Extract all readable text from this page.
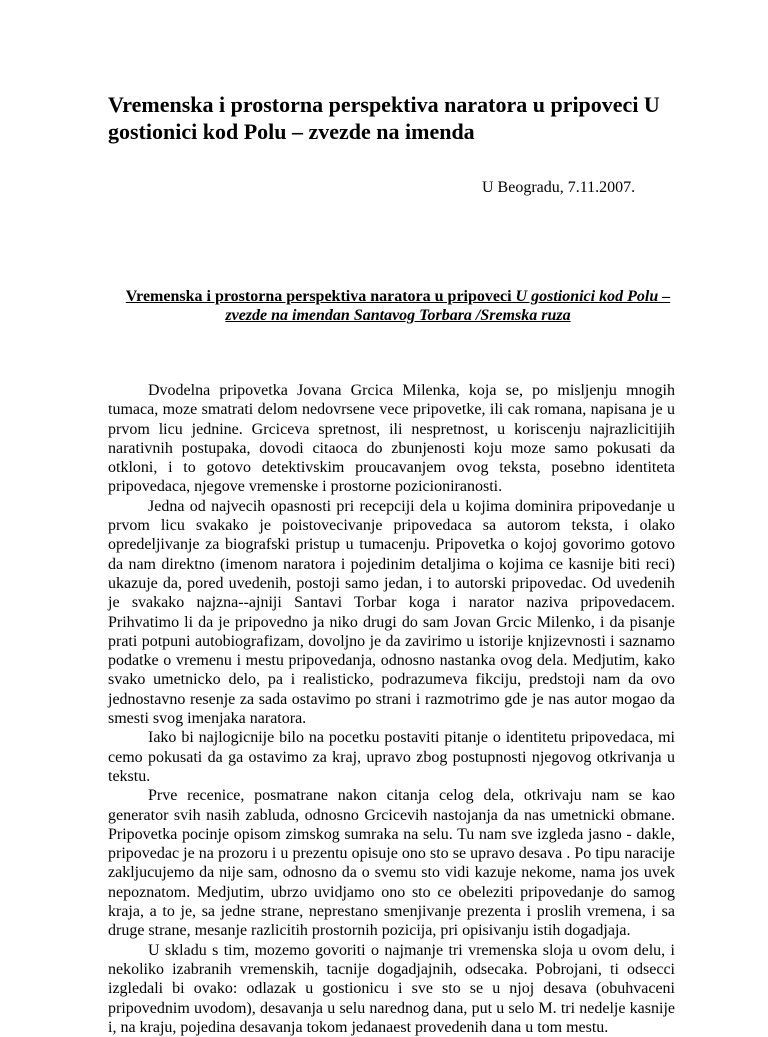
Vremenska i prostorna perspektiva naratora u pripoveci U gostionici kod Polu – zvezde na imenda

U Beogradu, 7.11.2007.

Vremenska i prostorna perspektiva naratora u pripoveci U gostionici kod Polu – zvezde na imendan Santavog Torbara /Sremska ruza

Dvodelna pripovetka Jovana Grcica Milenka, koja se, po misljenju mnogih tumaca, moze smatrati delom nedovrsene vece pripovetke, ili cak romana, napisana je u prvom licu jednine. Grciceva spretnost, ili nespretnost, u koriscenju najrazlicitijih narativnih postupaka, dovodi citaoca do zbunjenosti koju moze samo pokusati da otkloni, i to gotovo detektivskim proucavanjem ovog teksta, posebno identiteta pripovedaca, njegove vremenske i prostorne pozicioniranosti.

Jedna od najvecih opasnosti pri recepciji dela u kojima dominira pripovedanje u prvom licu svakako je poistovecivanje pripovedaca sa autorom teksta, i olako opredeljivanje za biografski pristup u tumacenju. Pripovetka o kojoj govorimo gotovo da nam direktno (imenom naratora i pojedinim detaljima o kojima ce kasnije biti reci) ukazuje da, pored uvedenih, postoji samo jedan, i to autorski pripovedac. Od uvedenih je svakako najzna--ajniji Santavi Torbar koga i narator naziva pripovedacem. Prihvatimo li da je pripovedno ja niko drugi do sam Jovan Grcic Milenko, i da pisanje prati potpuni autobiografizam, dovoljno je da zavirimo u istorije knjizevnosti i saznamo podatke o vremenu i mestu pripovedanja, odnosno nastanka ovog dela. Medjutim, kako svako umetnicko delo, pa i realisticko, podrazumeva fikciju, predstoji nam da ovo jednostavno resenje za sada ostavimo po strani i razmotrimo gde je nas autor mogao da smesti svog imenjaka naratora.

Iako bi najlogicnije bilo na pocetku postaviti pitanje o identitetu pripovedaca, mi cemo pokusati da ga ostavimo za kraj, upravo zbog postupnosti njegovog otkrivanja u tekstu.

Prve recenice, posmatrane nakon citanja celog dela, otkrivaju nam se kao generator svih nasih zabluda, odnosno Grcicevih nastojanja da nas umetnicki obmane. Pripovetka pocinje opisom zimskog sumraka na selu. Tu nam sve izgleda jasno - dakle, pripovedac je na prozoru i u prezentu opisuje ono sto se upravo desava . Po tipu naracije zakljucujemo da nije sam, odnosno da o svemu sto vidi kazuje nekome, nama jos uvek nepoznatom. Medjutim, ubrzo uvidjamo ono sto ce obeleziti pripovedanje do samog kraja, a to je, sa jedne strane, neprestano smenjivanje prezenta i proslih vremena, i sa druge strane, mesanje razlicitih prostornih pozicija, pri opisivanju istih dogadjaja.

U skladu s tim, mozemo govoriti o najmanje tri vremenska sloja u ovom delu, i nekoliko izabranih vremenskih, tacnije dogadjajnih, odsecaka. Pobrojani, ti odsecci izgledali bi ovako: odlazak u gostionicu i sve sto se u njoj desava (obuhvaceni pripovednim uvodom), desavanja u selu narednog dana, put u selo M. tri nedelje kasnije i, na kraju, pojedina desavanja tokom jedanaest provedenih dana u tom mestu.
